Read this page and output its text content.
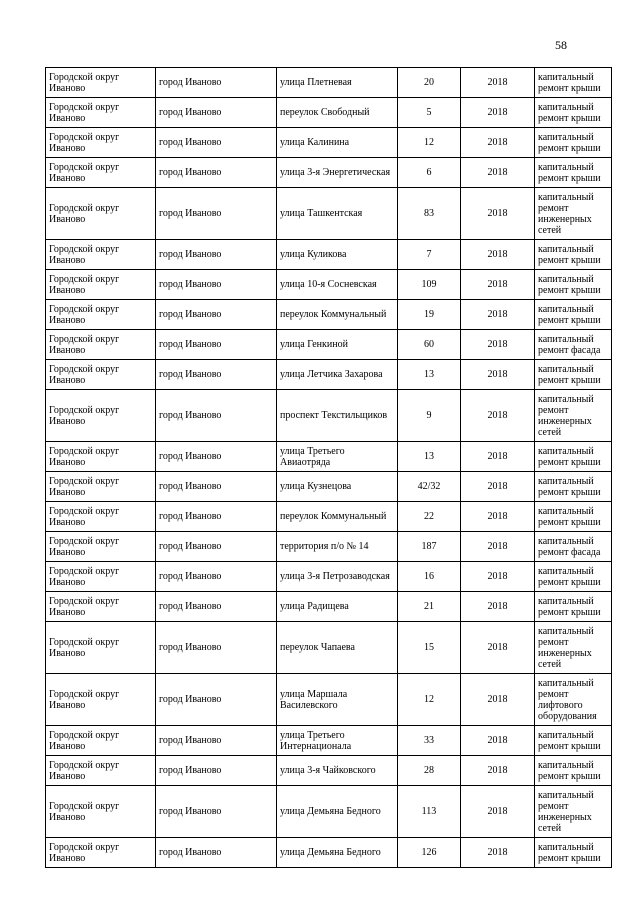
58
Городской округ Иваново	город Иваново	улица Плетневая	20	2018	капитальный ремонт крыши
Городской округ Иваново	город Иваново	переулок Свободный	5	2018	капитальный ремонт крыши
Городской округ Иваново	город Иваново	улица Калинина	12	2018	капитальный ремонт крыши
Городской округ Иваново	город Иваново	улица 3-я Энергетическая	6	2018	капитальный ремонт крыши
Городской округ Иваново	город Иваново	улица Ташкентская	83	2018	капитальный ремонт инженерных сетей
Городской округ Иваново	город Иваново	улица Куликова	7	2018	капитальный ремонт крыши
Городской округ Иваново	город Иваново	улица 10-я Сосневская	109	2018	капитальный ремонт крыши
Городской округ Иваново	город Иваново	переулок Коммунальный	19	2018	капитальный ремонт крыши
Городской округ Иваново	город Иваново	улица Генкиной	60	2018	капитальный ремонт фасада
Городской округ Иваново	город Иваново	улица Летчика Захарова	13	2018	капитальный ремонт крыши
Городской округ Иваново	город Иваново	проспект Текстильщиков	9	2018	капитальный ремонт инженерных сетей
Городской округ Иваново	город Иваново	улица Третьего Авиаотряда	13	2018	капитальный ремонт крыши
Городской округ Иваново	город Иваново	улица Кузнецова	42/32	2018	капитальный ремонт крыши
Городской округ Иваново	город Иваново	переулок Коммунальный	22	2018	капитальный ремонт крыши
Городской округ Иваново	город Иваново	территория п/о № 14	187	2018	капитальный ремонт фасада
Городской округ Иваново	город Иваново	улица 3-я Петрозаводская	16	2018	капитальный ремонт крыши
Городской округ Иваново	город Иваново	улица Радищева	21	2018	капитальный ремонт крыши
Городской округ Иваново	город Иваново	переулок Чапаева	15	2018	капитальный ремонт инженерных сетей
Городской округ Иваново	город Иваново	улица Маршала Василевского	12	2018	капитальный ремонт лифтового оборудования
Городской округ Иваново	город Иваново	улица Третьего Интернационала	33	2018	капитальный ремонт крыши
Городской округ Иваново	город Иваново	улица 3-я Чайковского	28	2018	капитальный ремонт крыши
Городской округ Иваново	город Иваново	улица Демьяна Бедного	113	2018	капитальный ремонт инженерных сетей
Городской округ Иваново	город Иваново	улица Демьяна Бедного	126	2018	капитальный ремонт крыши
